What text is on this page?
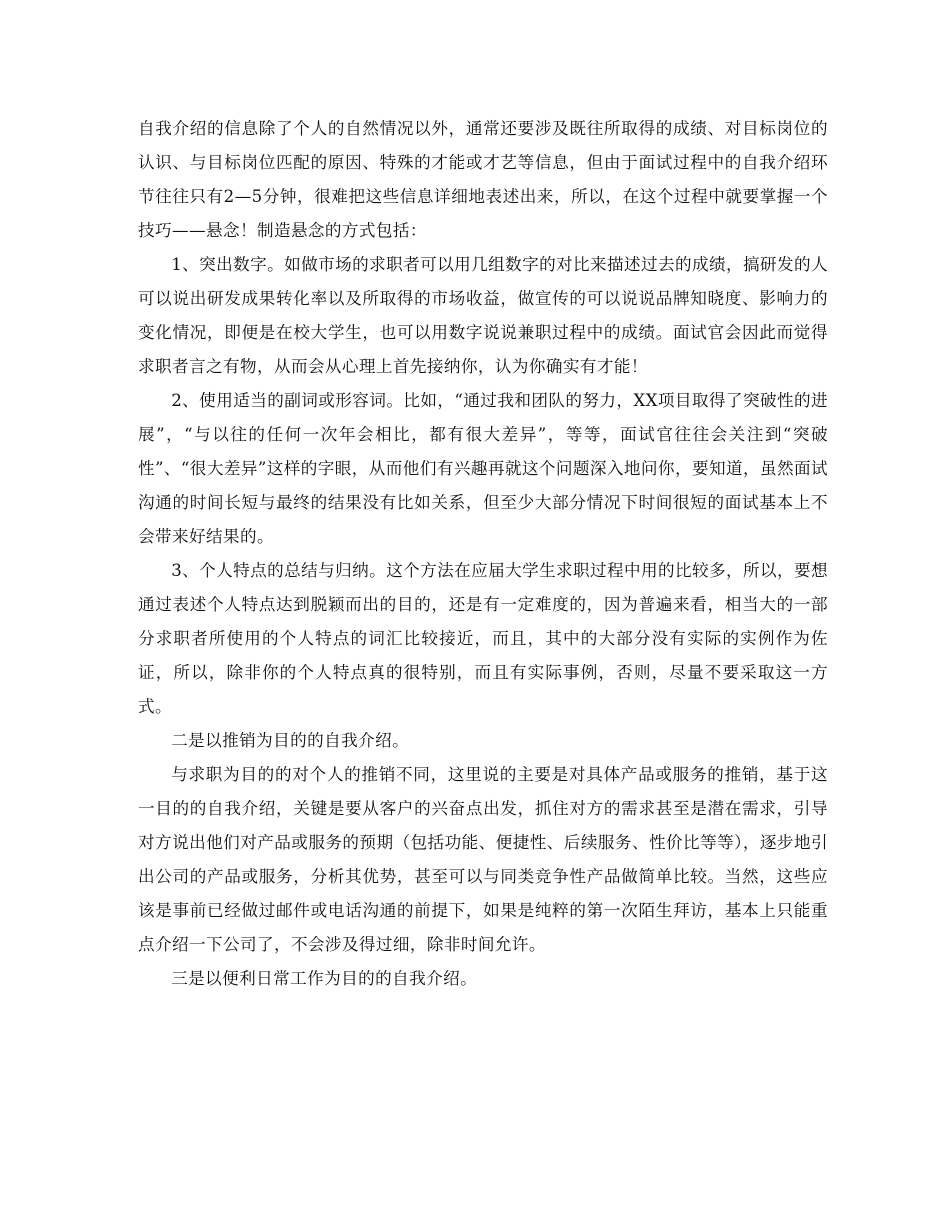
自我介绍的信息除了个人的自然情况以外，通常还要涉及既往所取得的成绩、对目标岗位的认识、与目标岗位匹配的原因、特殊的才能或才艺等信息，但由于面试过程中的自我介绍环节往往只有2—5分钟，很难把这些信息详细地表述出来，所以，在这个过程中就要掌握一个技巧——悬念！制造悬念的方式包括：

1、突出数字。如做市场的求职者可以用几组数字的对比来描述过去的成绩，搞研发的人可以说出研发成果转化率以及所取得的市场收益，做宣传的可以说说品牌知晓度、影响力的变化情况，即便是在校大学生，也可以用数字说说兼职过程中的成绩。面试官会因此而觉得求职者言之有物，从而会从心理上首先接纳你，认为你确实有才能！

2、使用适当的副词或形容词。比如，“通过我和团队的努力，XX项目取得了突破性的进展”，“与以往的任何一次年会相比，都有很大差异”，等等，面试官往往会关注到“突破性”、“很大差异”这样的字眼，从而他们有兴趣再就这个问题深入地问你，要知道，虽然面试沟通的时间长短与最终的结果没有比如关系，但至少大部分情况下时间很短的面试基本上不会带来好结果的。

3、个人特点的总结与归纳。这个方法在应届大学生求职过程中用的比较多，所以，要想通过表述个人特点达到脱颖而出的目的，还是有一定难度的，因为普遍来看，相当大的一部分求职者所使用的个人特点的词汇比较接近，而且，其中的大部分没有实际的实例作为佐证，所以，除非你的个人特点真的很特别，而且有实际事例，否则，尽量不要采取这一方式。

二是以推销为目的的自我介绍。

与求职为目的的对个人的推销不同，这里说的主要是对具体产品或服务的推销，基于这一目的的自我介绍，关键是要从客户的兴奋点出发，抓住对方的需求甚至是潜在需求，引导对方说出他们对产品或服务的预期（包括功能、便捷性、后续服务、性价比等等），逐步地引出公司的产品或服务，分析其优势，甚至可以与同类竞争性产品做简单比较。当然，这些应该是事前已经做过邮件或电话沟通的前提下，如果是纯粹的第一次陌生拜访，基本上只能重点介绍一下公司了，不会涉及得过细，除非时间允许。

三是以便利日常工作为目的的自我介绍。
